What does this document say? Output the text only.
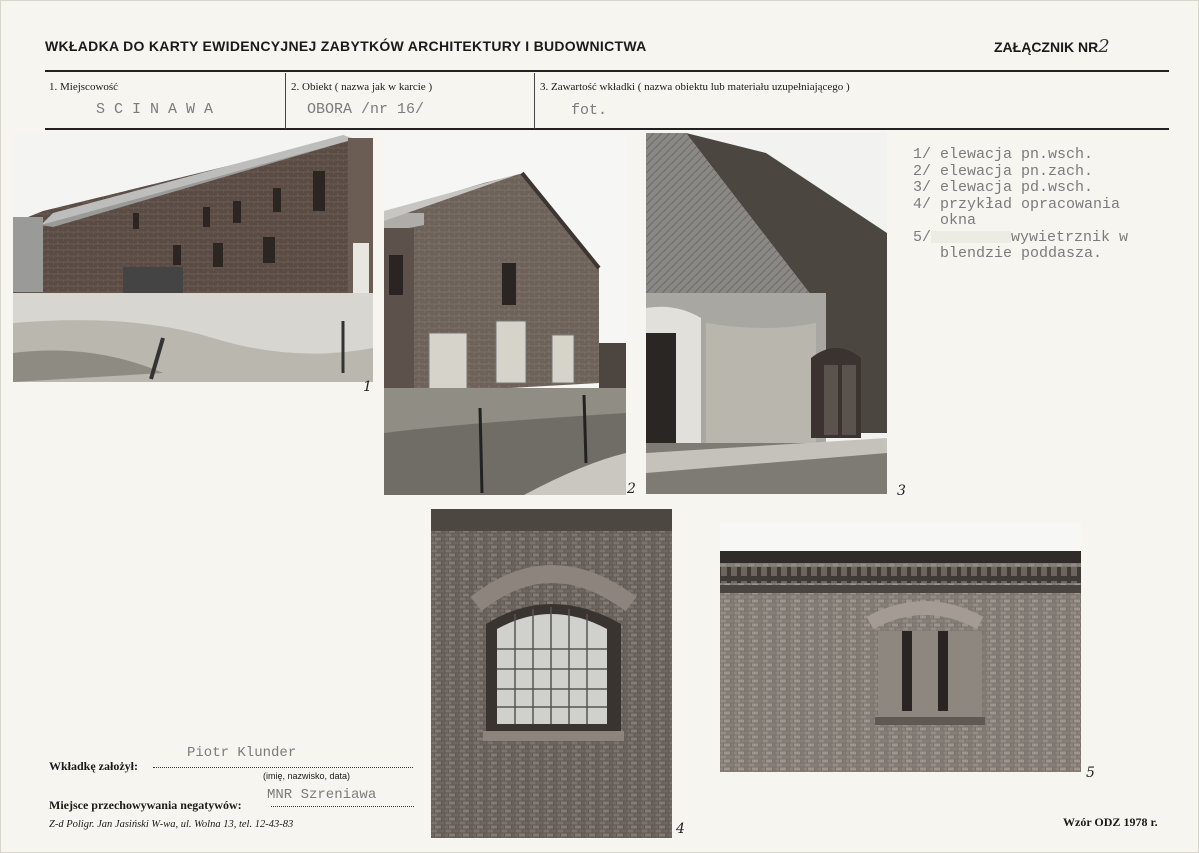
WKŁADKA DO KARTY EWIDENCYJNEJ ZABYTKÓW ARCHITEKTURY I BUDOWNICTWA	ZAŁĄCZNIK NR2
1. Miejscowość
SCINAWA
2. Obiekt ( nazwa jak w karcie )
OBORA /nr 16/
3. Zawartość wkładki ( nazwa obiektu lub materiału uzupełniającego )
fot.
1
2	3
1/ elewacja pn.wsch.
2/ elewacja pn.zach.
3/ elewacja pd.wsch.
4/ przykład opracowania
okna
5/	wywietrznik w
blendzie poddasza.
4
5
Wkładkę założył:
Piotr Klunder
(imię, nazwisko, data)
Miejsce przechowywania negatywów:
MNR Szreniawa
Z-d Poligr. Jan Jasiński W-wa, ul. Wolna 13, tel. 12-43-83	Wzór ODZ 1978 r.
